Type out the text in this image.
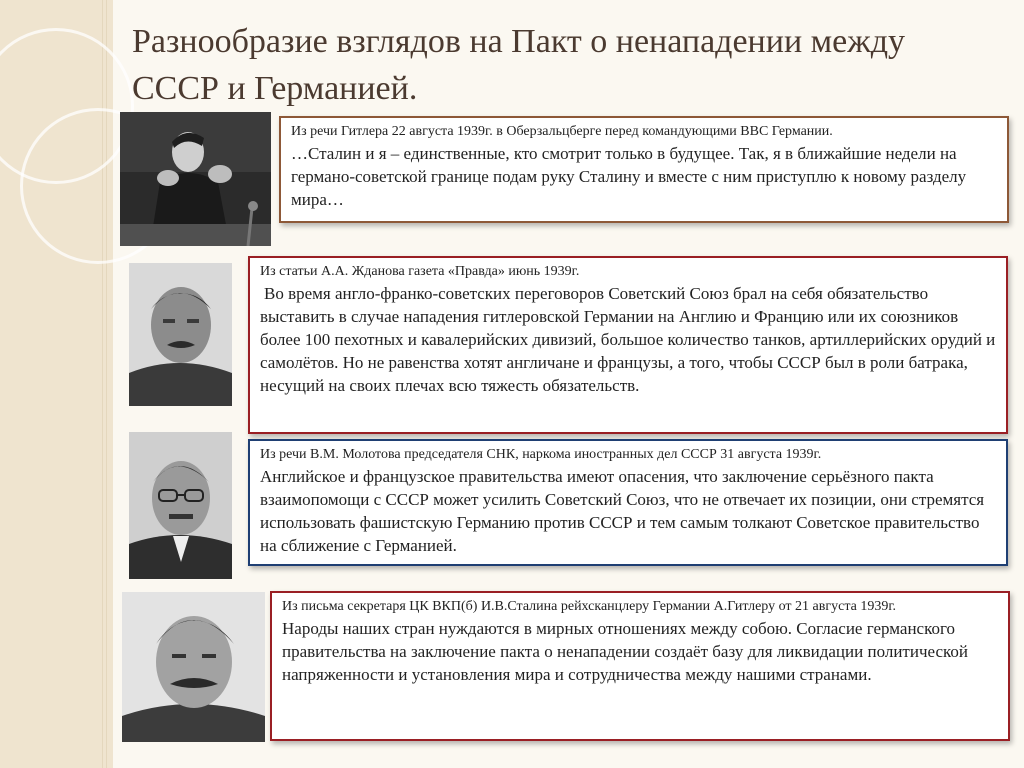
Разнообразие взглядов на Пакт о ненападении между СССР и Германией.
Из речи Гитлера 22 августа 1939г. в Оберзальцберге перед командующими ВВС Германии.
…Сталин и я – единственные, кто смотрит только в будущее. Так, я в ближайшие недели на германо-советской границе подам руку Сталину и вместе с ним приступлю к новому разделу мира…
Из статьи А.А. Жданова газета «Правда» июнь 1939г.
Во время англо-франко-советских переговоров Советский Союз брал на себя обязательство выставить в случае нападения гитлеровской Германии на Англию и Францию или их союзников более 100 пехотных и кавалерийских дивизий, большое количество танков, артиллерийских орудий и самолётов. Но не равенства хотят англичане и французы, а того, чтобы СССР был в роли батрака, несущий на своих плечах всю тяжесть обязательств.
Из речи В.М. Молотова председателя СНК, наркома иностранных дел СССР 31 августа 1939г.
Английское и французское правительства имеют опасения, что заключение серьёзного пакта взаимопомощи с СССР может усилить Советский Союз, что не отвечает их позиции, они стремятся использовать фашистскую Германию против СССР и тем самым толкают Советское правительство на сближение с Германией.
Из письма секретаря ЦК ВКП(б) И.В.Сталина рейхсканцлеру Германии А.Гитлеру от 21 августа 1939г.
Народы наших стран нуждаются в мирных отношениях между собою. Согласие германского правительства на заключение пакта о ненападении создаёт базу для ликвидации политической напряженности и установления мира и сотрудничества между нашими странами.
